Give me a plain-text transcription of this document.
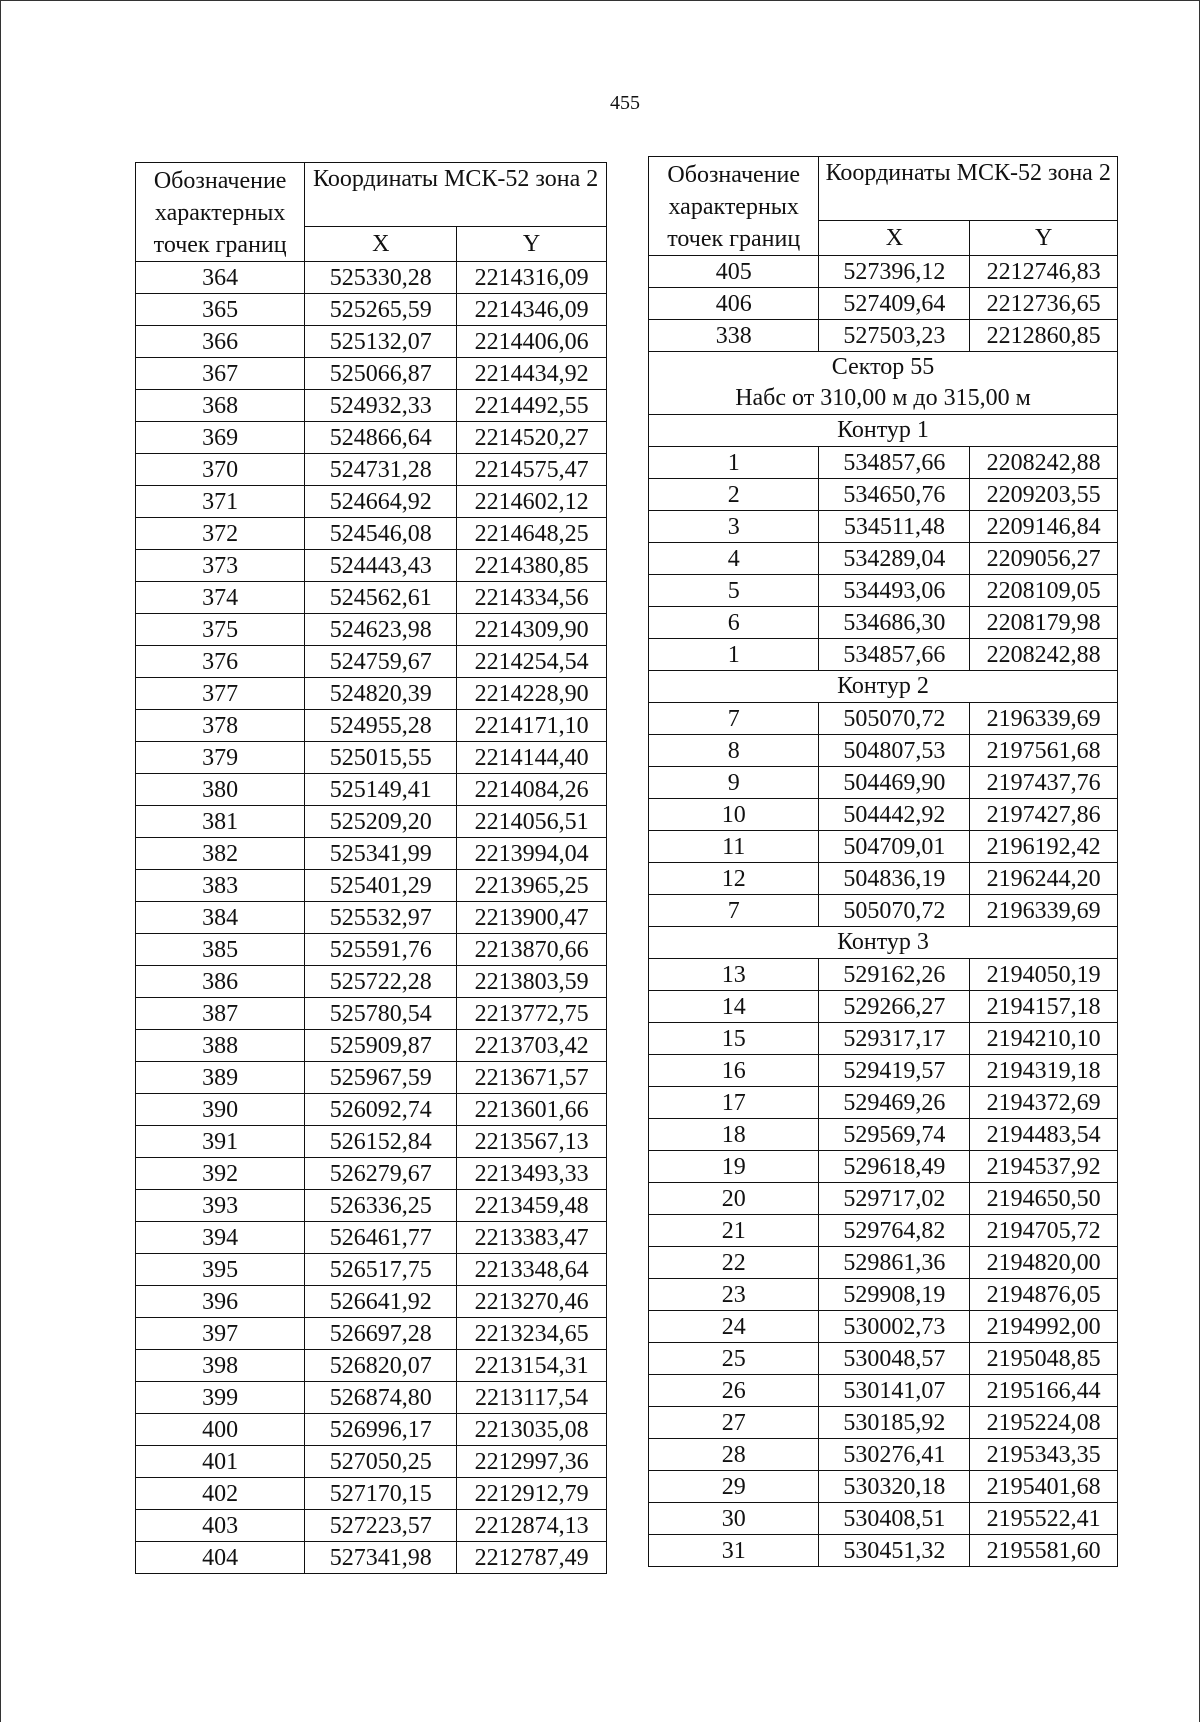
455
Обозначение характерных точек границ	Координаты МСК-52 зона 2	
	X	Y
364	525330,28	2214316,09
365	525265,59	2214346,09
366	525132,07	2214406,06
367	525066,87	2214434,92
368	524932,33	2214492,55
369	524866,64	2214520,27
370	524731,28	2214575,47
371	524664,92	2214602,12
372	524546,08	2214648,25
373	524443,43	2214380,85
374	524562,61	2214334,56
375	524623,98	2214309,90
376	524759,67	2214254,54
377	524820,39	2214228,90
378	524955,28	2214171,10
379	525015,55	2214144,40
380	525149,41	2214084,26
381	525209,20	2214056,51
382	525341,99	2213994,04
383	525401,29	2213965,25
384	525532,97	2213900,47
385	525591,76	2213870,66
386	525722,28	2213803,59
387	525780,54	2213772,75
388	525909,87	2213703,42
389	525967,59	2213671,57
390	526092,74	2213601,66
391	526152,84	2213567,13
392	526279,67	2213493,33
393	526336,25	2213459,48
394	526461,77	2213383,47
395	526517,75	2213348,64
396	526641,92	2213270,46
397	526697,28	2213234,65
398	526820,07	2213154,31
399	526874,80	2213117,54
400	526996,17	2213035,08
401	527050,25	2212997,36
402	527170,15	2212912,79
403	527223,57	2212874,13
404	527341,98	2212787,49
Обозначение характерных точек границ	Координаты МСК-52 зона 2	
	X	Y
405	527396,12	2212746,83
406	527409,64	2212736,65
338	527503,23	2212860,85

Сектор 55
Набс от 310,00 м до 315,00 м		

Контур 1		

1	534857,66	2208242,88
2	534650,76	2209203,55
3	534511,48	2209146,84
4	534289,04	2209056,27
5	534493,06	2208109,05
6	534686,30	2208179,98
1	534857,66	2208242,88

Контур 2		

7	505070,72	2196339,69
8	504807,53	2197561,68
9	504469,90	2197437,76
10	504442,92	2197427,86
11	504709,01	2196192,42
12	504836,19	2196244,20
7	505070,72	2196339,69

Контур 3		

13	529162,26	2194050,19
14	529266,27	2194157,18
15	529317,17	2194210,10
16	529419,57	2194319,18
17	529469,26	2194372,69
18	529569,74	2194483,54
19	529618,49	2194537,92
20	529717,02	2194650,50
21	529764,82	2194705,72
22	529861,36	2194820,00
23	529908,19	2194876,05
24	530002,73	2194992,00
25	530048,57	2195048,85
26	530141,07	2195166,44
27	530185,92	2195224,08
28	530276,41	2195343,35
29	530320,18	2195401,68
30	530408,51	2195522,41
31	530451,32	2195581,60
